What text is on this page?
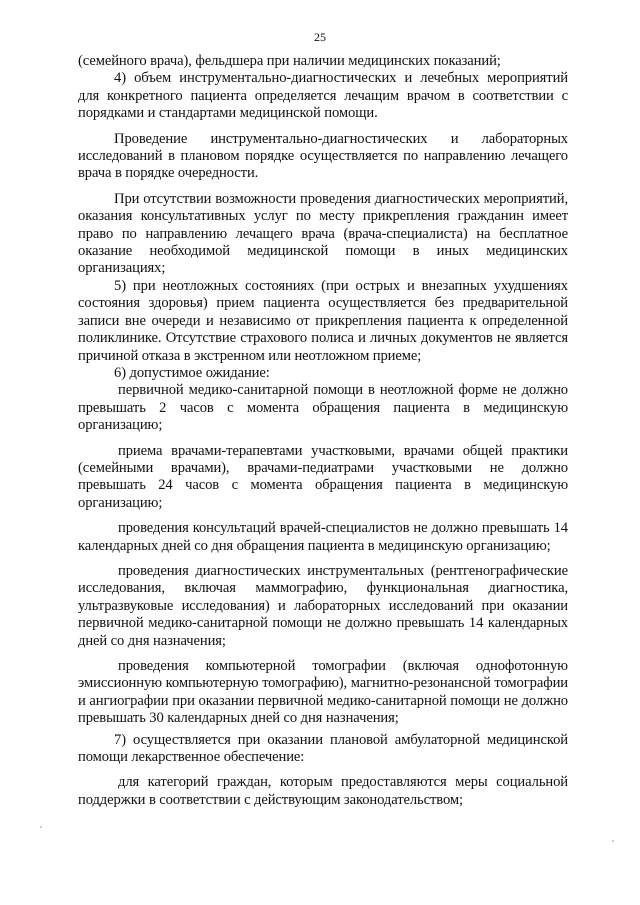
25

(семейного врача), фельдшера при наличии медицинских показаний;

4) объем инструментально-диагностических и лечебных мероприятий для конкретного пациента определяется лечащим врачом в соответствии с порядками и стандартами медицинской помощи.

Проведение инструментально-диагностических и лабораторных исследований в плановом порядке осуществляется по направлению лечащего врача в порядке очередности.

При отсутствии возможности проведения диагностических мероприятий, оказания консультативных услуг по месту прикрепления гражданин имеет право по направлению лечащего врача (врача-специалиста) на бесплатное оказание необходимой медицинской помощи в иных медицинских организациях;

5) при неотложных состояниях (при острых и внезапных ухудшениях состояния здоровья) прием пациента осуществляется без предварительной записи вне очереди и независимо от прикрепления пациента к определенной поликлинике. Отсутствие страхового полиса и личных документов не является причиной отказа в экстренном или неотложном приеме;

6) допустимое ожидание:

первичной медико-санитарной помощи в неотложной форме не должно превышать 2 часов с момента обращения пациента в медицинскую организацию;

приема врачами-терапевтами участковыми, врачами общей практики (семейными врачами), врачами-педиатрами участковыми не должно превышать 24 часов с момента обращения пациента в медицинскую организацию;

проведения консультаций врачей-специалистов не должно превышать 14 календарных дней со дня обращения пациента в медицинскую организацию;

проведения диагностических инструментальных (рентгенографические исследования, включая маммографию, функциональная диагностика, ультразвуковые исследования) и лабораторных исследований при оказании первичной медико-санитарной помощи не должно превышать 14 календарных дней со дня назначения;

проведения компьютерной томографии (включая однофотонную эмиссионную компьютерную томографию), магнитно-резонансной томографии и ангиографии при оказании первичной медико-санитарной помощи не должно превышать 30 календарных дней со дня назначения;

7) осуществляется при оказании плановой амбулаторной медицинской помощи лекарственное обеспечение:

для категорий граждан, которым предоставляются меры социальной поддержки в соответствии с действующим законодательством;
